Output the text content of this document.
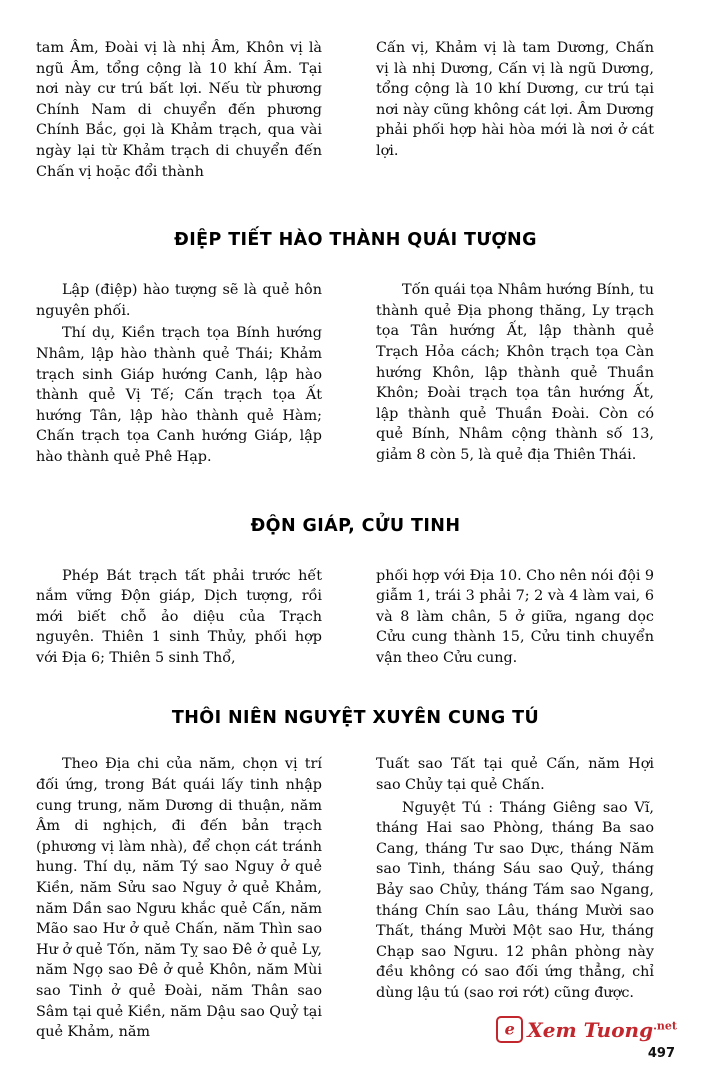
tam Âm, Đoài vị là nhị Âm, Khôn vị là ngũ Âm, tổng cộng là 10 khí Âm. Tại nơi này cư trú bất lợi. Nếu từ phương Chính Nam di chuyển đến phương Chính Bắc, gọi là Khảm trạch, qua vài ngày lại từ Khảm trạch di chuyển đến Chấn vị hoặc đổi thành

Cấn vị, Khảm vị là tam Dương, Chấn vị là nhị Dương, Cấn vị là ngũ Dương, tổng cộng là 10 khí Dương, cư trú tại nơi này cũng không cát lợi. Âm Dương phải phối hợp hài hòa mới là nơi ở cát lợi.

ĐIỆP TIẾT HÀO THÀNH QUÁI TƯỢNG

Lập (điệp) hào tượng sẽ là quẻ hôn nguyên phối.

Thí dụ, Kiền trạch tọa Bính hướng Nhâm, lập hào thành quẻ Thái; Khảm trạch sinh Giáp hướng Canh, lập hào thành quẻ Vị Tế; Cấn trạch tọa Ất hướng Tân, lập hào thành quẻ Hàm; Chấn trạch tọa Canh hướng Giáp, lập hào thành quẻ Phê Hạp.

Tốn quái tọa Nhâm hướng Bính, tu thành quẻ Địa phong thăng, Ly trạch tọa Tân hướng Ất, lập thành quẻ Trạch Hỏa cách; Khôn trạch tọa Càn hướng Khôn, lập thành quẻ Thuần Khôn; Đoài trạch tọa tân hướng Ất, lập thành quẻ Thuần Đoài. Còn có quẻ Bính, Nhâm cộng thành số 13, giảm 8 còn 5, là quẻ địa Thiên Thái.

ĐỘN GIÁP, CỬU TINH

Phép Bát trạch tất phải trước hết nắm vững Độn giáp, Dịch tượng, rồi mới biết chỗ ảo diệu của Trạch nguyên. Thiên 1 sinh Thủy, phối hợp với Địa 6; Thiên 5 sinh Thổ,

phối hợp với Địa 10. Cho nên nói đội 9 giẫm 1, trái 3 phải 7; 2 và 4 làm vai, 6 và 8 làm chân, 5 ở giữa, ngang dọc Cửu cung thành 15, Cửu tinh chuyển vận theo Cửu cung.

THÔI NIÊN NGUYỆT XUYÊN CUNG TÚ

Theo Địa chi của năm, chọn vị trí đối ứng, trong Bát quái lấy tinh nhập cung trung, năm Dương di thuận, năm Âm di nghịch, đi đến bản trạch (phương vị làm nhà), để chọn cát tránh hung. Thí dụ, năm Tý sao Nguy ở quẻ Kiền, năm Sửu sao Nguy ở quẻ Khảm, năm Dần sao Ngưu khắc quẻ Cấn, năm Mão sao Hư ở quẻ Chấn, năm Thìn sao Hư ở quẻ Tốn, năm Tỵ sao Đê ở quẻ Ly, năm Ngọ sao Đê ở quẻ Khôn, năm Mùi sao Tinh ở quẻ Đoài, năm Thân sao Sâm tại quẻ Kiền, năm Dậu sao Quỷ tại quẻ Khảm, năm

Tuất sao Tất tại quẻ Cấn, năm Hợi sao Chủy tại quẻ Chấn.

Nguyệt Tú : Tháng Giêng sao Vĩ, tháng Hai sao Phòng, tháng Ba sao Cang, tháng Tư sao Dực, tháng Năm sao Tinh, tháng Sáu sao Quỷ, tháng Bảy sao Chủy, tháng Tám sao Ngang, tháng Chín sao Lâu, tháng Mười sao Thất, tháng Mười Một sao Hư, tháng Chạp sao Ngưu. 12 phân phòng này đều không có sao đối ứng thẳng, chỉ dùng lậu tú (sao rơi rớt) cũng được.

e
Xem Tuong$^{.net}$
497
